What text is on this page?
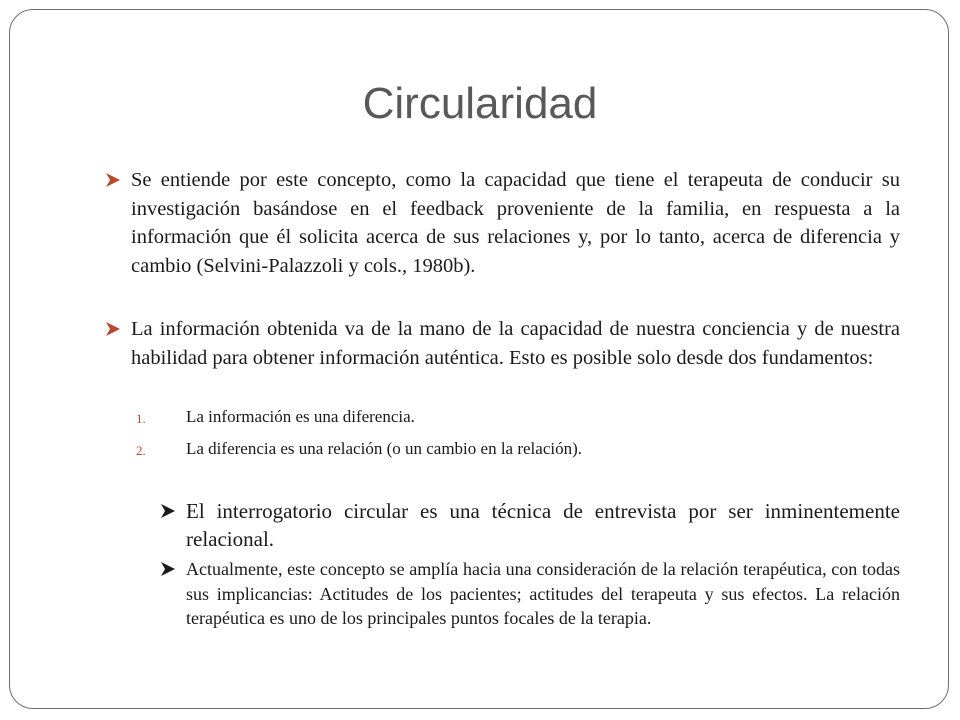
Circularidad
Se entiende por este concepto, como la capacidad que tiene el terapeuta de conducir su investigación basándose en el feedback proveniente de la familia, en respuesta a la información que él solicita acerca de sus relaciones y, por lo tanto, acerca de diferencia y cambio (Selvini-Palazzoli y cols., 1980b).
La información obtenida va de la mano de la capacidad de nuestra conciencia y de nuestra habilidad para obtener información auténtica. Esto es posible solo desde dos fundamentos:
1. La información es una diferencia.
2. La diferencia es una relación (o un cambio en la relación).
El interrogatorio circular es una técnica de entrevista por ser inminentemente relacional.
Actualmente, este concepto se amplía hacia una consideración de la relación terapéutica, con todas sus implicancias: Actitudes de los pacientes; actitudes del terapeuta y sus efectos. La relación terapéutica es uno de los principales puntos focales de la terapia.
